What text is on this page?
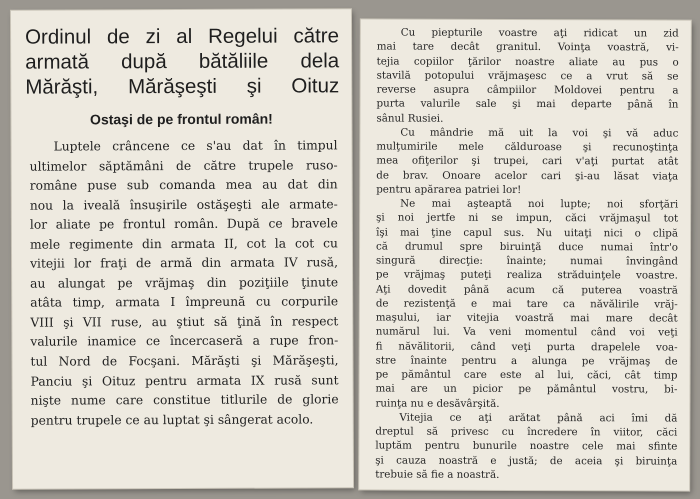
Ordinul de zi al Regelui către
armată după bătăliile dela
Mărăşti, Mărăşeşti şi Oituz
Ostaşi de pe frontul român!
Luptele crâncene ce s'au dat în timpul
ultimelor săptămâni de către trupele ruso-
române puse sub comanda mea au dat din
nou la iveală însuşirile ostăşeşti ale armate-
lor aliate pe frontul român. După ce bravele
mele regimente din armata II, cot la cot cu
vitejii lor fraţi de armă din armata IV rusă,
au alungat pe vrăjmaş din poziţiile ţinute
atâta timp, armata I împreună cu corpurile
VIII şi VII ruse, au ştiut să ţină în respect
valurile inamice ce încercaseră a rupe fron-
tul Nord de Focşani. Mărăşti şi Mărăşeşti,
Panciu şi Oituz pentru armata IX rusă sunt
nişte nume care constitue titlurile de glorie
pentru trupele ce au luptat şi sângerat acolo.
Cu piepturile voastre aţi ridicat un zid
mai tare decât granitul. Voinţa voastră, vi-
tejia copiilor ţărilor noastre aliate au pus o
stavilă potopului vrăjmaşesc ce a vrut să se
reverse asupra câmpiilor Moldovei pentru a
purta valurile sale şi mai departe până în
sânul Rusiei.
Cu mândrie mă uit la voi şi vă aduc
mulţumirile mele călduroase şi recunoştinţa
mea ofiţerilor şi trupei, cari v'aţi purtat atât
de brav. Onoare acelor cari şi-au lăsat viaţa
pentru apărarea patriei lor!
Ne mai aşteaptă noi lupte; noi sforţări
şi noi jertfe ni se impun, căci vrăjmaşul tot
îşi mai ţine capul sus. Nu uitaţi nici o clipă
că drumul spre biruinţă duce numai într'o
singură direcţie: înainte; numai învingând
pe vrăjmaş puteţi realiza străduinţele voastre.
Aţi dovedit până acum că puterea voastră
de rezistenţă e mai tare ca năvălirile vrăj-
maşului, iar vitejia voastră mai mare decât
numărul lui. Va veni momentul când voi veţi
fi năvălitorii, când veţi purta drapelele voa-
stre înainte pentru a alunga pe vrăjmaş de
pe pământul care este al lui, căci, cât timp
mai are un picior pe pământul vostru, bi-
ruinţa nu e desăvârşită.
Vitejia ce aţi arătat până aci îmi dă
dreptul să privesc cu încredere în viitor, căci
luptăm pentru bunurile noastre cele mai sfinte
şi cauza noastră e justă; de aceia şi biruinţa
trebuie să fie a noastră.
